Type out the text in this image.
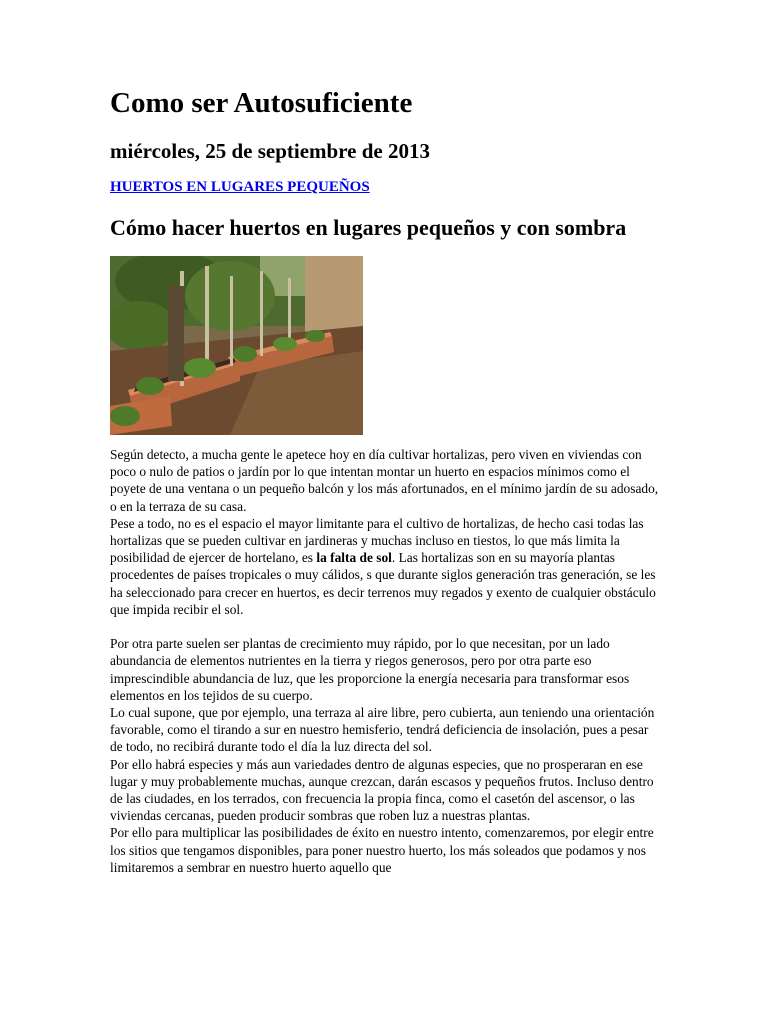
Como ser Autosuficiente
miércoles, 25 de septiembre de 2013
HUERTOS EN LUGARES PEQUEÑOS
Cómo hacer huertos en lugares pequeños y con sombra

Según detecto, a mucha gente le apetece hoy en día cultivar hortalizas, pero viven en viviendas con poco o nulo de patios o jardín por lo que intentan montar un huerto en espacios mínimos como el poyete de una ventana o un pequeño balcón y los más afortunados, en el mínimo jardín de su adosado, o en la terraza de su casa.

Pese a todo, no es el espacio el mayor limitante para el cultivo de hortalizas, de hecho casi todas las hortalizas que se pueden cultivar en jardineras y muchas incluso en tiestos, lo que más limita la posibilidad de ejercer de hortelano, es la falta de sol. Las hortalizas son en su mayoría plantas procedentes de países tropicales o muy cálidos, s que durante siglos generación tras generación, se les ha seleccionado para crecer en huertos, es decir terrenos muy regados y exento de cualquier obstáculo que impida recibir el sol.

Por otra parte suelen ser plantas de crecimiento muy rápido, por lo que necesitan, por un lado abundancia de elementos nutrientes en la tierra y riegos generosos, pero por otra parte eso imprescindible abundancia de luz, que les proporcione la energía necesaria para transformar esos elementos en los tejidos de su cuerpo.

Lo cual supone, que por ejemplo, una terraza al aire libre, pero cubierta, aun teniendo una orientación favorable, como el tirando a sur en nuestro hemisferio, tendrá deficiencia de insolación, pues a pesar de todo, no recibirá durante todo el día la luz directa del sol.

Por ello habrá especies y más aun variedades dentro de algunas especies, que no prosperaran en ese lugar y muy probablemente muchas, aunque crezcan, darán escasos y pequeños frutos. Incluso dentro de las ciudades, en los terrados, con frecuencia la propia finca, como el casetón del ascensor, o las viviendas cercanas, pueden producir sombras que roben luz a nuestras plantas.

Por ello para multiplicar las posibilidades de éxito en nuestro intento, comenzaremos, por elegir entre los sitios que tengamos disponibles, para poner nuestro huerto, los más soleados que podamos y nos limitaremos a sembrar en nuestro huerto aquello que
